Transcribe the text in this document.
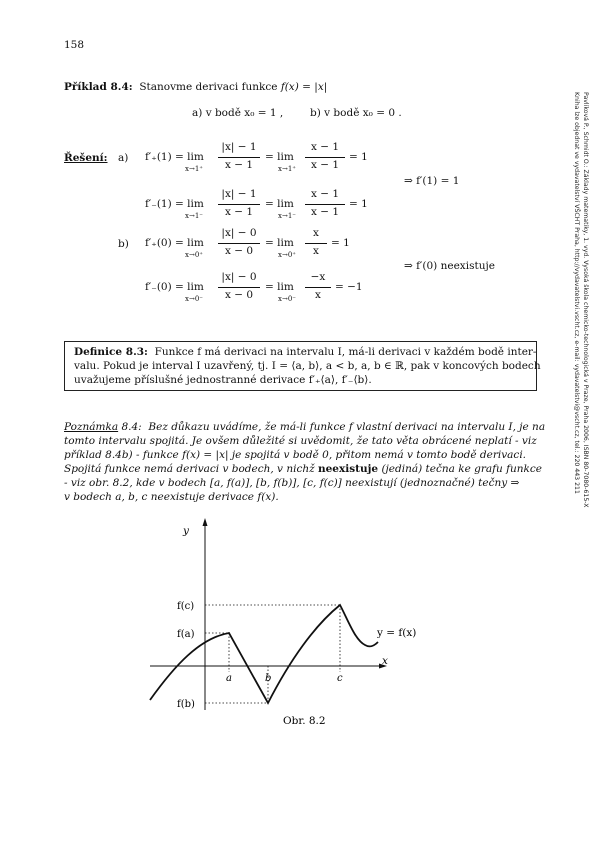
158
Pavlíková P., Schmidt O.: Základy matematiky, 1. vyd. Vysoká škola chemicko-technologická v Praze, Praha 2006, ISBN 80-7080-615-X
Kniha lze objednat ve vydavatelství VŠCHT Praha, http://vydavatelstvi.vscht.cz, e-mail: vydavatelstvi@vscht.cz, tel.: 220 443 211
Příklad 8.4: Stanovme derivaci funkce f(x) = |x|
a) v bodě x₀ = 1 ,	b) v bodě x₀ = 0 .
Řešení: a) f′₊(1) = lim
x→1⁺
|x| − 1
x − 1
= lim
x→1⁺
x − 1
x − 1
= 1
⇒ f′(1) = 1
f′₋(1) = lim
x→1⁻
|x| − 1
x − 1
= lim
x→1⁻
x − 1
x − 1
= 1
b) f′₊(0) = lim
x→0⁺
|x| − 0
x − 0
= lim
x→0⁺
x
x
= 1
⇒ f′(0) neexistuje
f′₋(0) = lim
x→0⁻
|x| − 0
x − 0
= lim
x→0⁻
−x
x
= −1
Definice 8.3: Funkce f má derivaci na intervalu I, má-li derivaci v každém bodě inter-
valu. Pokud je interval I uzavřený, tj. I = ⟨a, b⟩, a < b, a, b ∈ ℝ, pak v koncových bodech
uvažujeme příslušné jednostranné derivace f′₊⟨a⟩, f′₋⟨b⟩.
Poznámka 8.4: Bez důkazu uvádíme, že má-li funkce f vlastní derivaci na intervalu I, je na
tomto intervalu spojitá. Je ovšem důležité si uvědomit, že tato věta obrácené neplatí - viz
příklad 8.4b) - funkce f(x) = |x| je spojitá v bodě 0, přitom nemá v tomto bodě derivaci.
Spojitá funkce nemá derivaci v bodech, v nichž neexistuje (jediná) tečna ke grafu funkce
- viz obr. 8.2, kde v bodech [a, f(a)], [b, f(b)], [c, f(c)] neexistují (jednoznačné) tečny ⇒
v bodech a, b, c neexistuje derivace f(x).
y
x
f(c)
f(a)
f(b)
a	b	c
y = f(x)
Obr. 8.2
